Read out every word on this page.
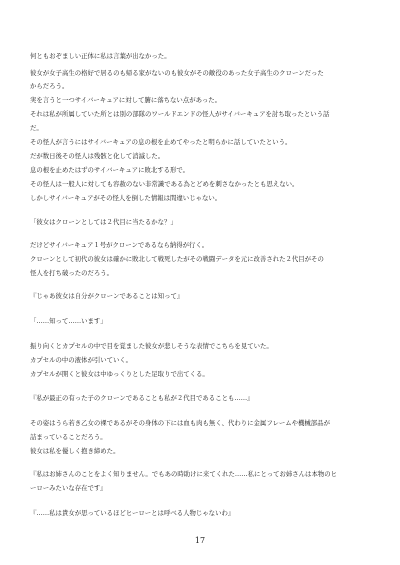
何ともおぞましい正体に私は言葉が出なかった。
彼女が女子高生の格好で居るのも帰る家がないのも彼女がその敵役のあった女子高生のクローンだった
からだろう。
実を言うと一つサイバーキュアに対して腑に落ちない点があった。
それは私が所属していた所とは別の部隊のワールドエンドの怪人がサイバーキュアを討ち取ったという話
だ。
その怪人が言うにはサイバーキュアの息の根を止めてやったと明らかに話していたという。
だが数日後その怪人は残骸と化して消滅した。
息の根を止めたはずのサイバーキュアに敗北する形で。
その怪人は一般人に対しても容赦のない非常識である為とどめを刺さなかったとも思えない。
しかしサイバーキュアがその怪人を倒した情報は間違いじゃない。
「彼女はクローンとしては２代目に当たるかな？」
だけどサイバーキュア１号がクローンであるなら納得が行く。
クローンとして初代の彼女は確かに敗北して戦死したがその戦闘データを元に改善された２代目がその
怪人を打ち破ったのだろう。
『じゃあ彼女は自分がクローンであることは知って』
「……知って……います」
振り向くとカプセルの中で目を覚ました彼女が悲しそうな表情でこちらを見ていた。
カプセルの中の液体が引いていく。
カプセルが開くと彼女は中ゆっくりとした足取りで出てくる。
『私が最正の有った子のクローンであることも私が２代目であることも……』
その姿はうら若き乙女の裸であるがその身体の下には血も肉も無く、代わりに金属フレームや機械部品が
詰まっていることだろう。
彼女は私を優しく抱き締めた。
『私はお姉さんのことをよく知りません。でもあの時助けに来てくれた……私にとってお姉さんは本物のヒ
ーローみたいな存在です』
『……私は貴女が思っているほどヒーローとは呼べる人物じゃないわ』
17
